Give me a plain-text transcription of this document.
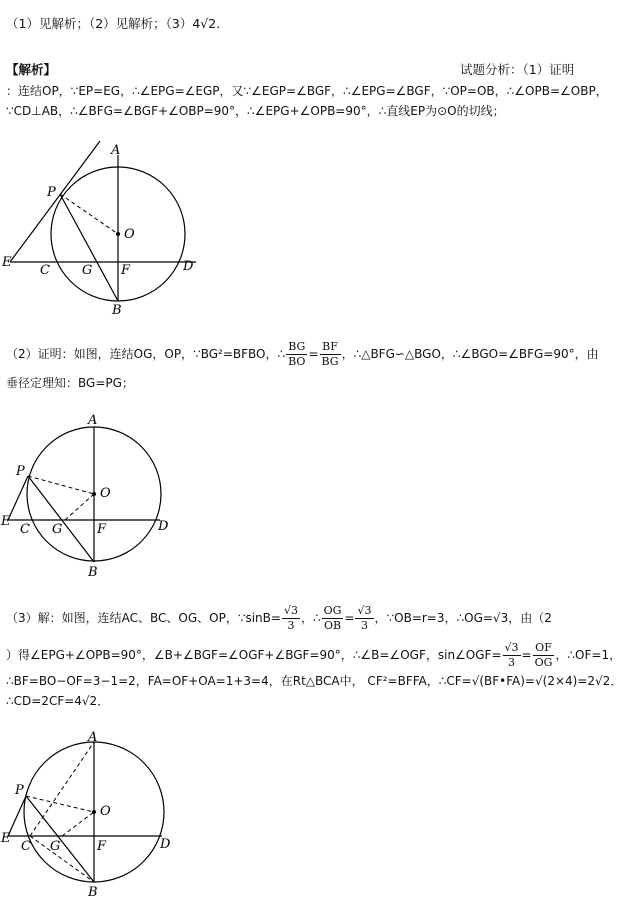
（1）见解析；（2）见解析；（3）4√2．
【解析】	试题分析：（1）证明
：连结OP，∵EP=EG，∴∠EPG=∠EGP，又∵∠EGP=∠BGF，∴∠EPG=∠BGF，∵OP=OB，∴∠OPB=∠OBP，
∵CD⊥AB，∴∠BFG=∠BGF+∠OBP=90°，∴∠EPG+∠OPB=90°，∴直线EP为⊙O的切线；
A
O
P
E
C G F	D
B
（2）证明：如图，连结OG，OP，∵BG²=BFBO，∴ $\frac{BG}{BO} = \frac{BF}{BG}$ ，∴△BFG∽△BGO，∴∠BGO=∠BFG=90°，由
垂径定理知：BG=PG；
A
O
P
E
C G	F	D
B
（3）解：如图，连结AC、BC、OG、OP，∵sinB= $\frac{√3}{3}$ ，∴ $\frac{OG}{OB} = \frac{√3}{3}$ ，∵OB=r=3，∴OG=√3，由（2
）得∠EPG+∠OPB=90°，∠B+∠BGF=∠OGF+∠BGF=90°，∴∠B=∠OGF，sin∠OGF= $\frac{√3}{3} = \frac{OF}{OG}$ ，∴OF=1，
∴BF=BO−OF=3−1=2，FA=OF+OA=1+3=4，在Rt△BCA中， CF²=BFFA，∴CF=√(BF•FA)=√(2×4)=2√2．
∴CD=2CF=4√2．
A
O
P
E
C G	F	D
B
